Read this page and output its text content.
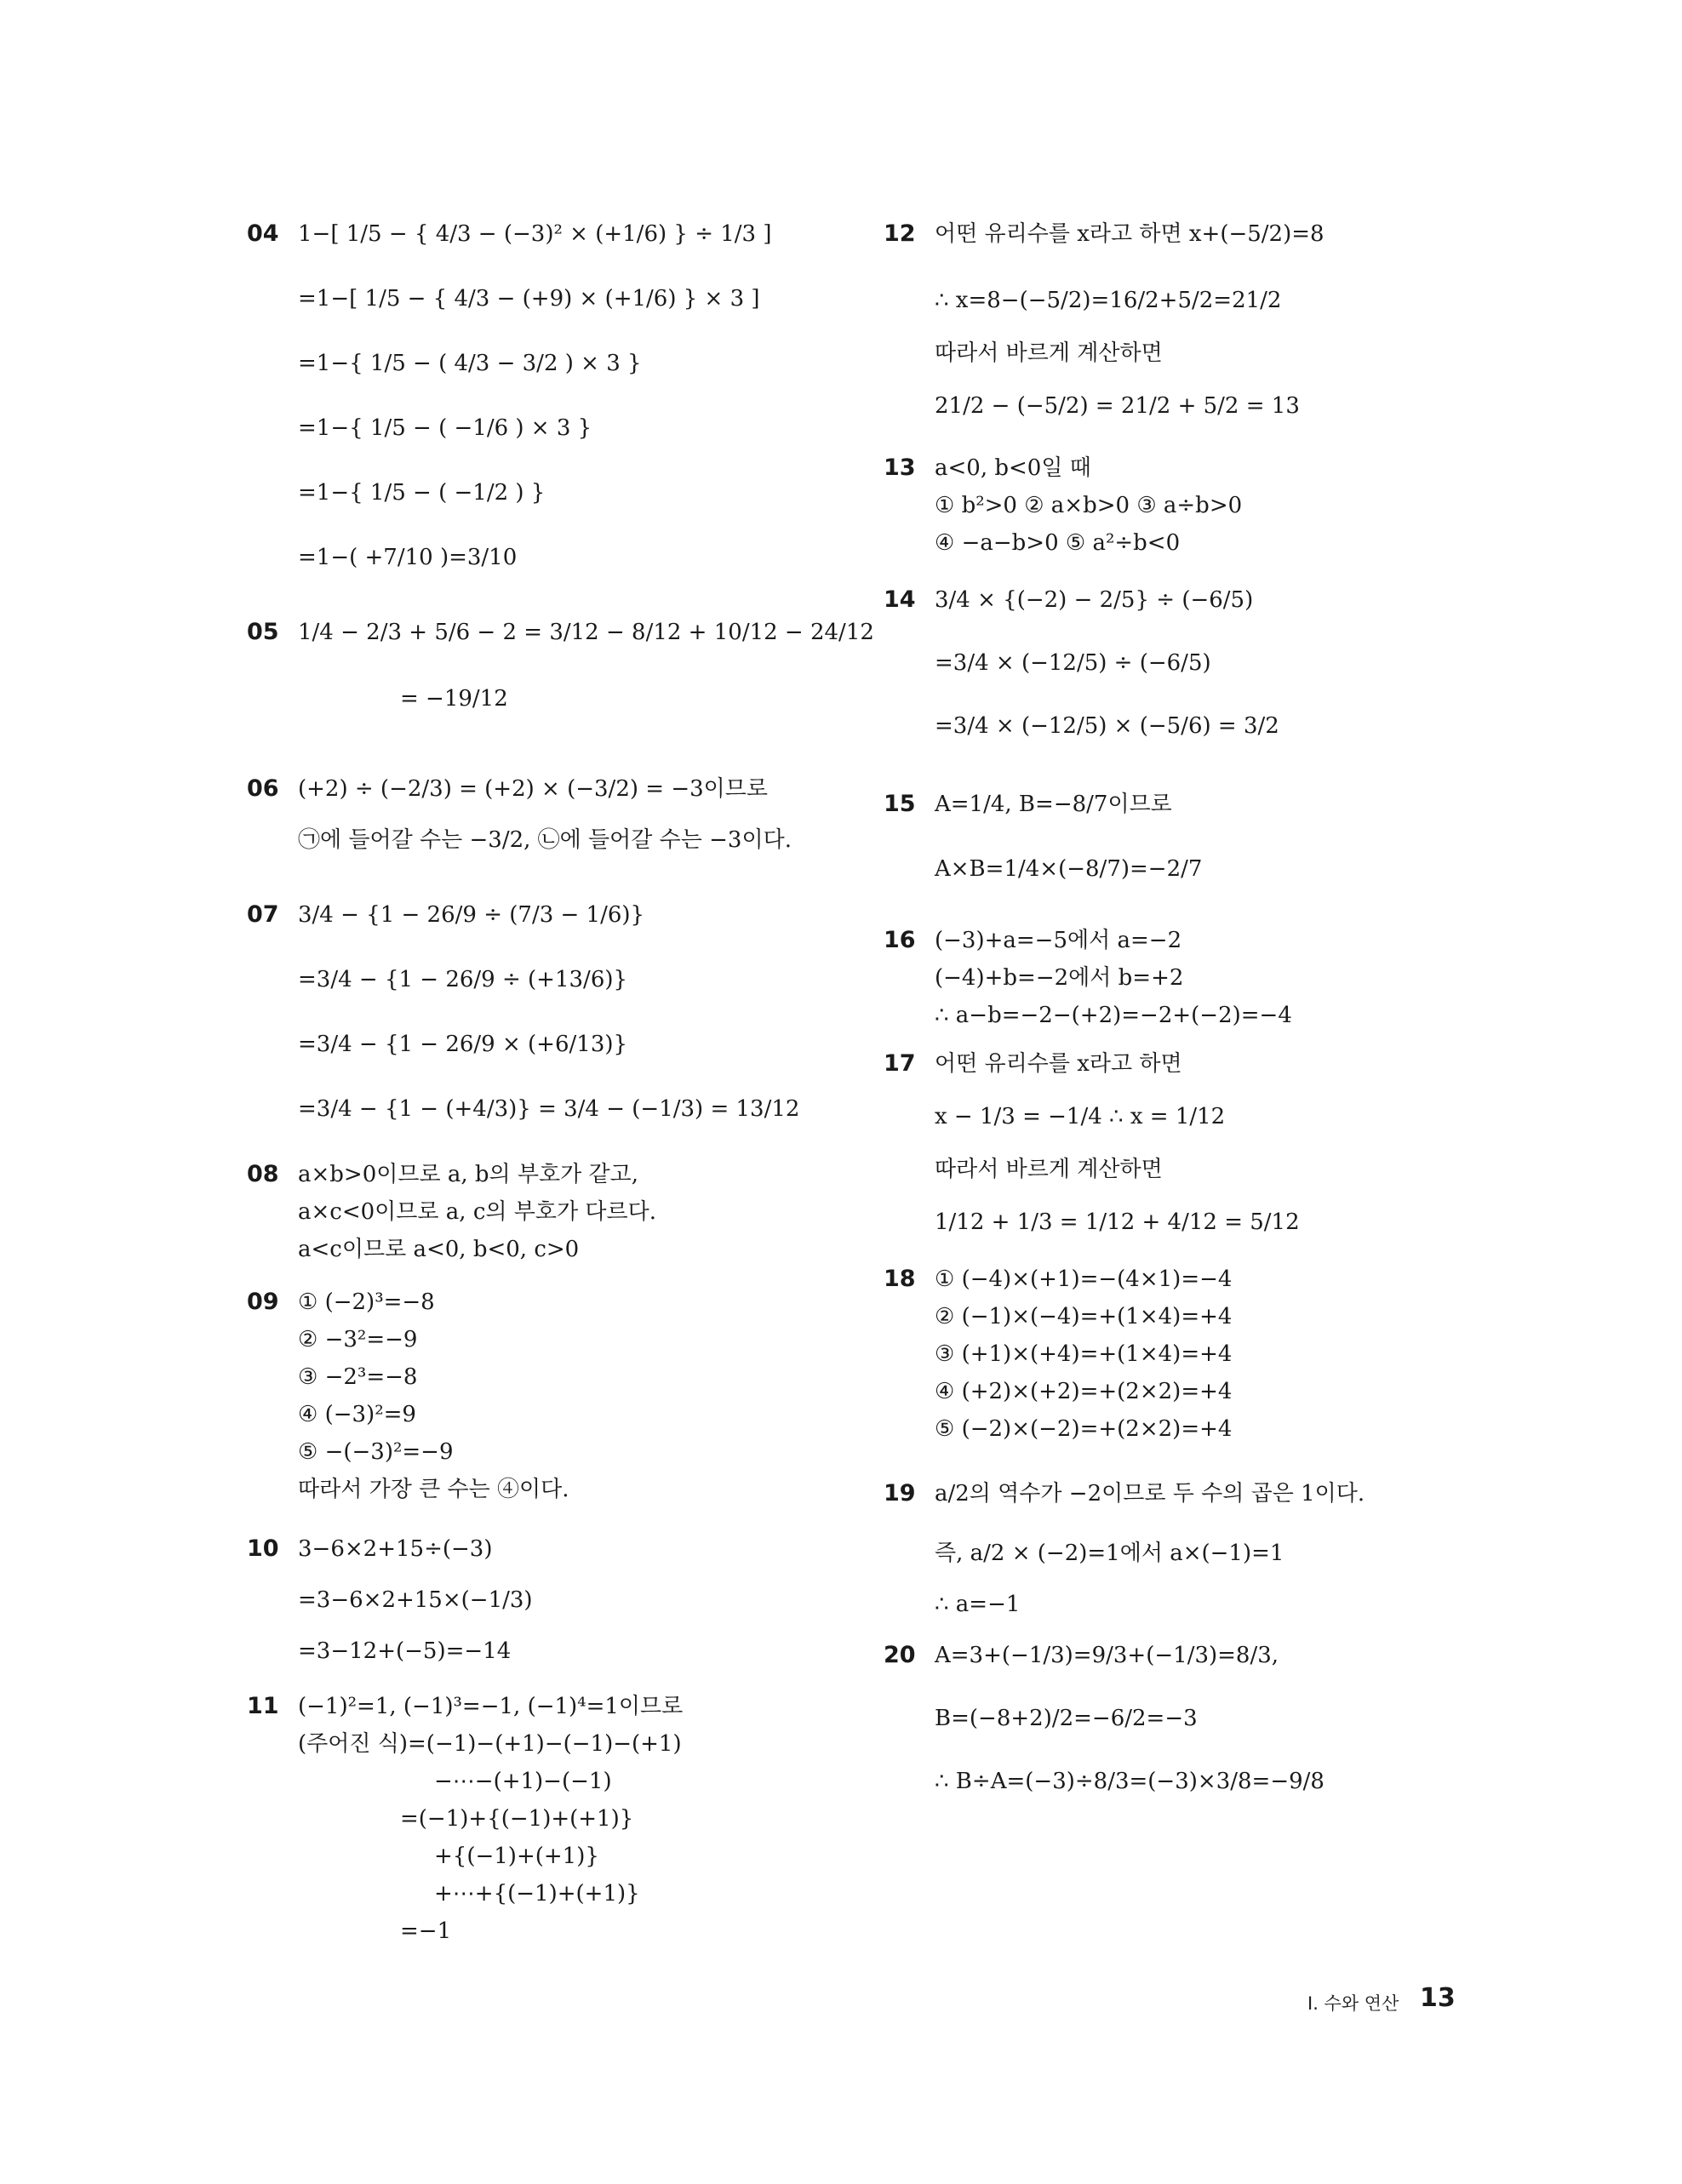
04 1−[ 1/5 − { 4/3 − (−3)² × (+1/6) } ÷ 1/3 ]
=1−[ 1/5 − { 4/3 − (+9) × (+1/6) } × 3 ]
=1−{ 1/5 − ( 4/3 − 3/2 ) × 3 }
=1−{ 1/5 − ( −1/6 ) × 3 }
=1−{ 1/5 − ( −1/2 ) }
=1−( +7/10 )=3/10
05 1/4 − 2/3 + 5/6 − 2 = 3/12 − 8/12 + 10/12 − 24/12
= −19/12
06 (+2) ÷ (−2/3) = (+2) × (−3/2) = −3이므로
㉠에 들어갈 수는 −3/2, ㉡에 들어갈 수는 −3이다.
07 3/4 − {1 − 26/9 ÷ (7/3 − 1/6)}
=3/4 − {1 − 26/9 ÷ (+13/6)}
=3/4 − {1 − 26/9 × (+6/13)}
=3/4 − {1 − (+4/3)} = 3/4 − (−1/3) = 13/12
08 a×b>0이므로 a, b의 부호가 같고,
a×c<0이므로 a, c의 부호가 다르다.
a<c이므로 a<0, b<0, c>0
09 ① (−2)³=−8
② −3²=−9
③ −2³=−8
④ (−3)²=9
⑤ −(−3)²=−9
따라서 가장 큰 수는 ④이다.
10 3−6×2+15÷(−3)
=3−6×2+15×(−1/3)
=3−12+(−5)=−14
11 (−1)²=1, (−1)³=−1, (−1)⁴=1이므로
(주어진 식)=(−1)−(+1)−(−1)−(+1)
−⋯−(+1)−(−1)
=(−1)+{(−1)+(+1)}
+{(−1)+(+1)}
+⋯+{(−1)+(+1)}
=−1
12 어떤 유리수를 x라고 하면 x+(−5/2)=8
∴ x=8−(−5/2)=16/2+5/2=21/2
따라서 바르게 계산하면
21/2 − (−5/2) = 21/2 + 5/2 = 13
13 a<0, b<0일 때
① b²>0 ② a×b>0 ③ a÷b>0
④ −a−b>0 ⑤ a²÷b<0
14 3/4 × {(−2) − 2/5} ÷ (−6/5)
=3/4 × (−12/5) ÷ (−6/5)
=3/4 × (−12/5) × (−5/6) = 3/2
15 A=1/4, B=−8/7이므로
A×B=1/4×(−8/7)=−2/7
16 (−3)+a=−5에서 a=−2
(−4)+b=−2에서 b=+2
∴ a−b=−2−(+2)=−2+(−2)=−4
17 어떤 유리수를 x라고 하면
x − 1/3 = −1/4 ∴ x = 1/12
따라서 바르게 계산하면
1/12 + 1/3 = 1/12 + 4/12 = 5/12
18 ① (−4)×(+1)=−(4×1)=−4
② (−1)×(−4)=+(1×4)=+4
③ (+1)×(+4)=+(1×4)=+4
④ (+2)×(+2)=+(2×2)=+4
⑤ (−2)×(−2)=+(2×2)=+4
19 a/2의 역수가 −2이므로 두 수의 곱은 1이다.
즉, a/2 × (−2)=1에서 a×(−1)=1
∴ a=−1
20 A=3+(−1/3)=9/3+(−1/3)=8/3,
B=(−8+2)/2=−6/2=−3
∴ B÷A=(−3)÷8/3=(−3)×3/8=−9/8
Ⅰ. 수와 연산 13
